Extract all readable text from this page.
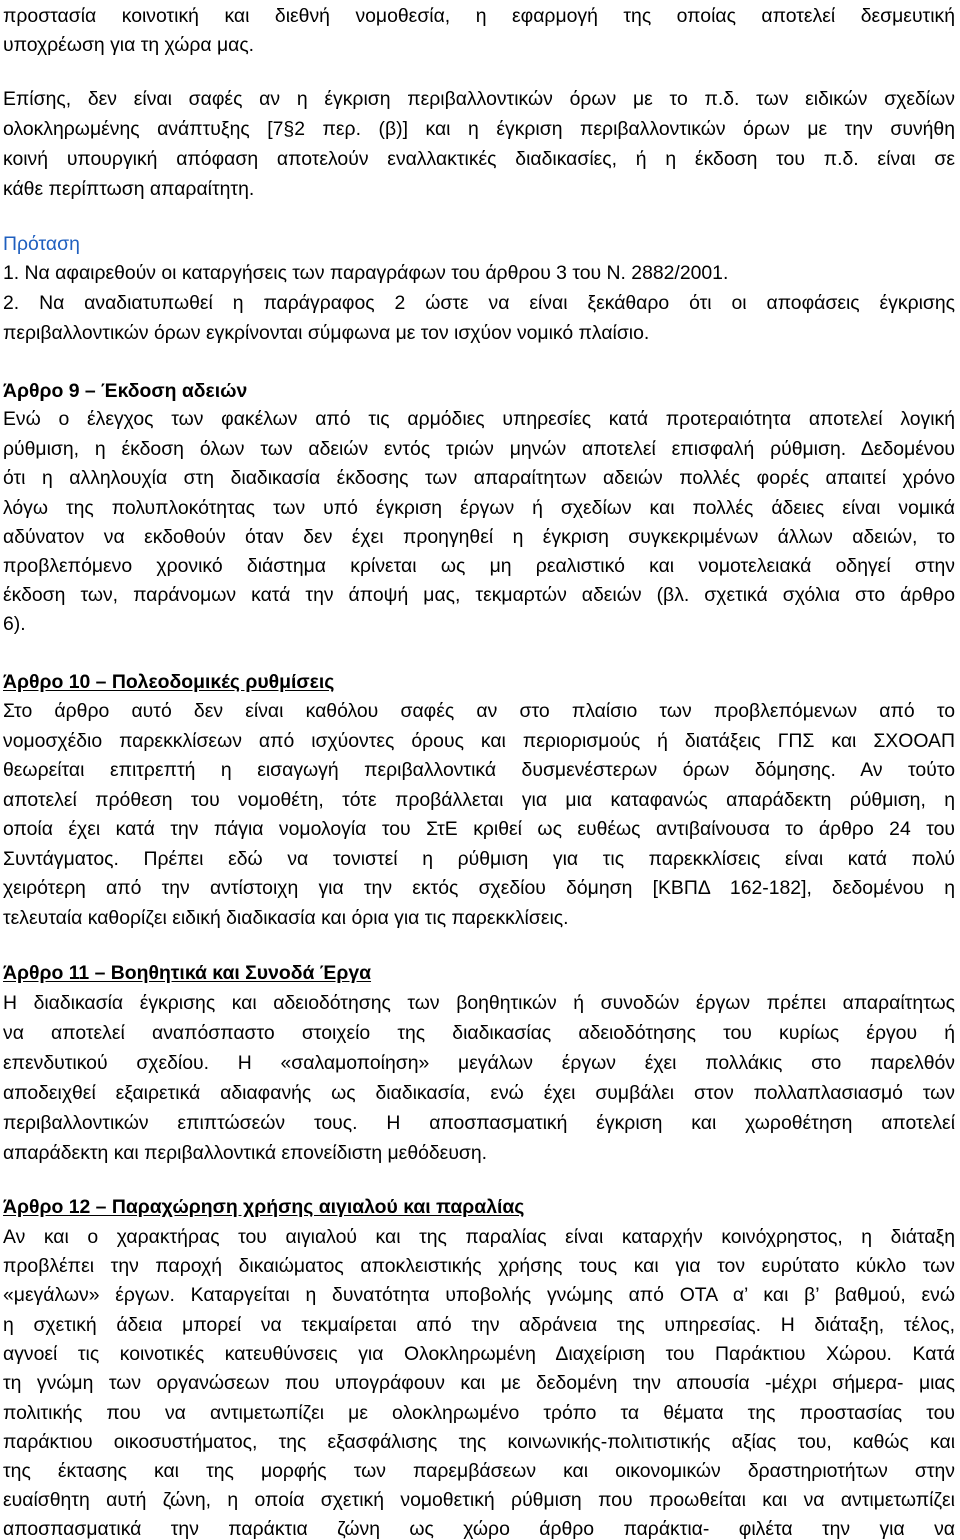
προστασία κοινοτική και διεθνή νομοθεσία, η εφαρμογή της οποίας αποτελεί δεσμευτική
υποχρέωση για τη χώρα μας.
Επίσης, δεν είναι σαφές αν η έγκριση περιβαλλοντικών όρων με το π.δ. των ειδικών σχεδίων
ολοκληρωμένης ανάπτυξης [7§2 περ. (β)] και η έγκριση περιβαλλοντικών όρων με την συνήθη
κοινή υπουργική απόφαση αποτελούν εναλλακτικές διαδικασίες, ή η έκδοση του π.δ. είναι σε
κάθε περίπτωση απαραίτητη.
Πρόταση
1. Να αφαιρεθούν οι καταργήσεις των παραγράφων του άρθρου 3 του Ν. 2882/2001.
2. Να αναδιατυπωθεί η παράγραφος 2 ώστε να είναι ξεκάθαρο ότι οι αποφάσεις έγκρισης
περιβαλλοντικών όρων εγκρίνονται σύμφωνα με τον ισχύον νομικό πλαίσιο.
Άρθρο 9 – Έκδοση αδειών
Ενώ ο έλεγχος των φακέλων από τις αρμόδιες υπηρεσίες κατά προτεραιότητα αποτελεί λογική
ρύθμιση, η έκδοση όλων των αδειών εντός τριών μηνών αποτελεί επισφαλή ρύθμιση. Δεδομένου
ότι η αλληλουχία στη διαδικασία έκδοσης των απαραίτητων αδειών πολλές φορές απαιτεί χρόνο
λόγω της πολυπλοκότητας των υπό έγκριση έργων ή σχεδίων και πολλές άδειες είναι νομικά
αδύνατον να εκδοθούν όταν δεν έχει προηγηθεί η έγκριση συγκεκριμένων άλλων αδειών, το
προβλεπόμενο χρονικό διάστημα κρίνεται ως μη ρεαλιστικό και νομοτελειακά οδηγεί στην
έκδοση των, παράνομων κατά την άποψή μας, τεκμαρτών αδειών (βλ. σχετικά σχόλια στο άρθρο
6).
Άρθρο 10 – Πολεοδομικές ρυθμίσεις
Στο άρθρο αυτό δεν είναι καθόλου σαφές αν στο πλαίσιο των προβλεπόμενων από το
νομοσχέδιο παρεκκλίσεων από ισχύοντες όρους και περιορισμούς ή διατάξεις ΓΠΣ και ΣΧΟΟΑΠ
θεωρείται επιτρεπτή η εισαγωγή περιβαλλοντικά δυσμενέστερων όρων δόμησης. Αν τούτο
αποτελεί πρόθεση του νομοθέτη, τότε προβάλλεται για μια καταφανώς απαράδεκτη ρύθμιση, η
οποία έχει κατά την πάγια νομολογία του ΣτΕ κριθεί ως ευθέως αντιβαίνουσα το άρθρο 24 του
Συντάγματος. Πρέπει εδώ να τονιστεί η ρύθμιση για τις παρεκκλίσεις είναι κατά πολύ
χειρότερη από την αντίστοιχη για την εκτός σχεδίου δόμηση [ΚΒΠΔ 162-182], δεδομένου η
τελευταία καθορίζει ειδική διαδικασία και όρια για τις παρεκκλίσεις.
Άρθρο 11 – Βοηθητικά και Συνοδά Έργα
Η διαδικασία έγκρισης και αδειοδότησης των βοηθητικών ή συνοδών έργων πρέπει απαραίτητως
να αποτελεί αναπόσπαστο στοιχείο της διαδικασίας αδειοδότησης του κυρίως έργου ή
επενδυτικού σχεδίου. Η «σαλαμοποίηση» μεγάλων έργων έχει πολλάκις στο παρελθόν
αποδειχθεί εξαιρετικά αδιαφανής ως διαδικασία, ενώ έχει συμβάλει στον πολλαπλασιασμό των
περιβαλλοντικών επιπτώσεών τους. Η αποσπασματική έγκριση και χωροθέτηση αποτελεί
απαράδεκτη και περιβαλλοντικά επονείδιστη μεθόδευση.
Άρθρο 12 – Παραχώρηση χρήσης αιγιαλού και παραλίας
Αν και ο χαρακτήρας του αιγιαλού και της παραλίας είναι καταρχήν κοινόχρηστος, η διάταξη
προβλέπει την παροχή δικαιώματος αποκλειστικής χρήσης τους και για τον ευρύτατο κύκλο των
«μεγάλων» έργων. Καταργείται η δυνατότητα υποβολής γνώμης από ΟΤΑ α’ και β’ βαθμού, ενώ
η σχετική άδεια μπορεί να τεκμαίρεται από την αδράνεια της υπηρεσίας. Η διάταξη, τέλος,
αγνοεί τις κοινοτικές κατευθύνσεις για Ολοκληρωμένη Διαχείριση του Παράκτιου Χώρου. Κατά
τη γνώμη των οργανώσεων που υπογράφουν και με δεδομένη την απουσία -μέχρι σήμερα- μιας
πολιτικής που να αντιμετωπίζει με ολοκληρωμένο τρόπο τα θέματα της προστασίας του
παράκτιου οικοσυστήματος, της εξασφάλισης της κοινωνικής-πολιτιστικής αξίας του, καθώς και
της έκτασης και της μορφής των παρεμβάσεων και οικονομικών δραστηριοτήτων στην
ευαίσθητη αυτή ζώνη, η οποία σχετική νομοθετική ρύθμιση που προωθείται και να αντιμετωπίζει
αποσπασματικά την παράκτια ζώνη ως χώρο άρθρο παράκτια- φιλέτα την για να
